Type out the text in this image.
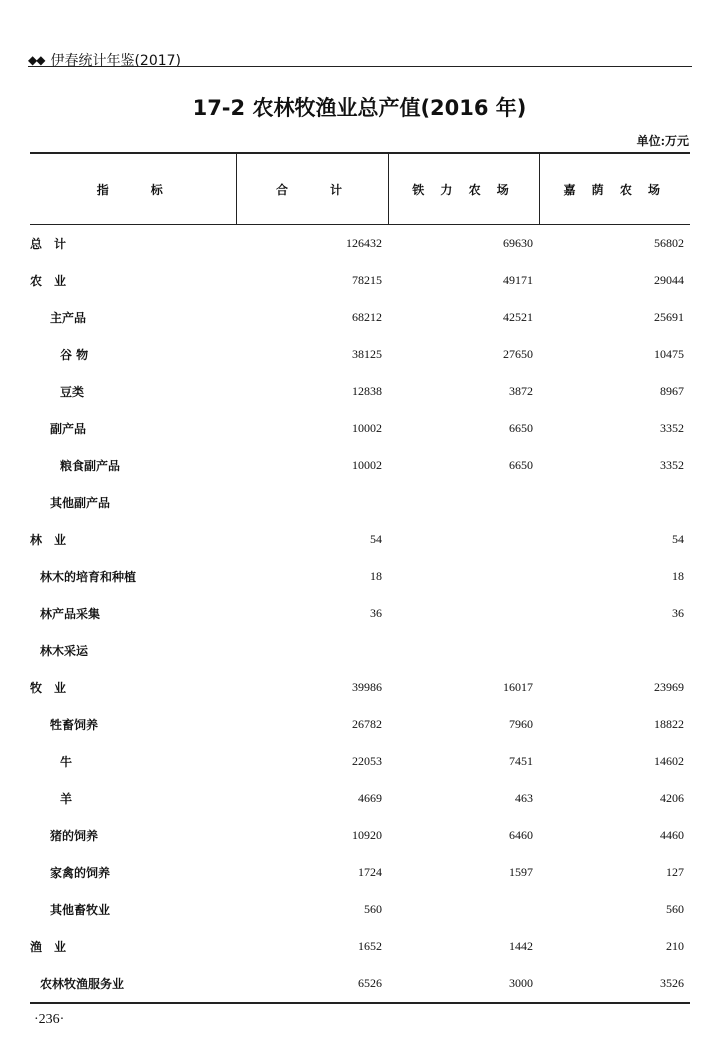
◆◆ 伊春统计年鉴(2017)
17-2 农林牧渔业总产值(2016 年)
单位:万元
指　　标	合　　计	铁 力 农 场	嘉 荫 农 场
总　计	126432	69630	56802
农　业	78215	49171	29044
主产品	68212	42521	25691
谷 物	38125	27650	10475
豆类	12838	3872	8967
副产品	10002	6650	3352
粮食副产品	10002	6650	3352
其他副产品			
林　业	54		54
林木的培育和种植	18		18
林产品采集	36		36
林木采运			
牧　业	39986	16017	23969
牲畜饲养	26782	7960	18822
牛	22053	7451	14602
羊	4669	463	4206
猪的饲养	10920	6460	4460
家禽的饲养	1724	1597	127
其他畜牧业	560		560
渔　业	1652	1442	210
农林牧渔服务业	6526	3000	3526
·236·
